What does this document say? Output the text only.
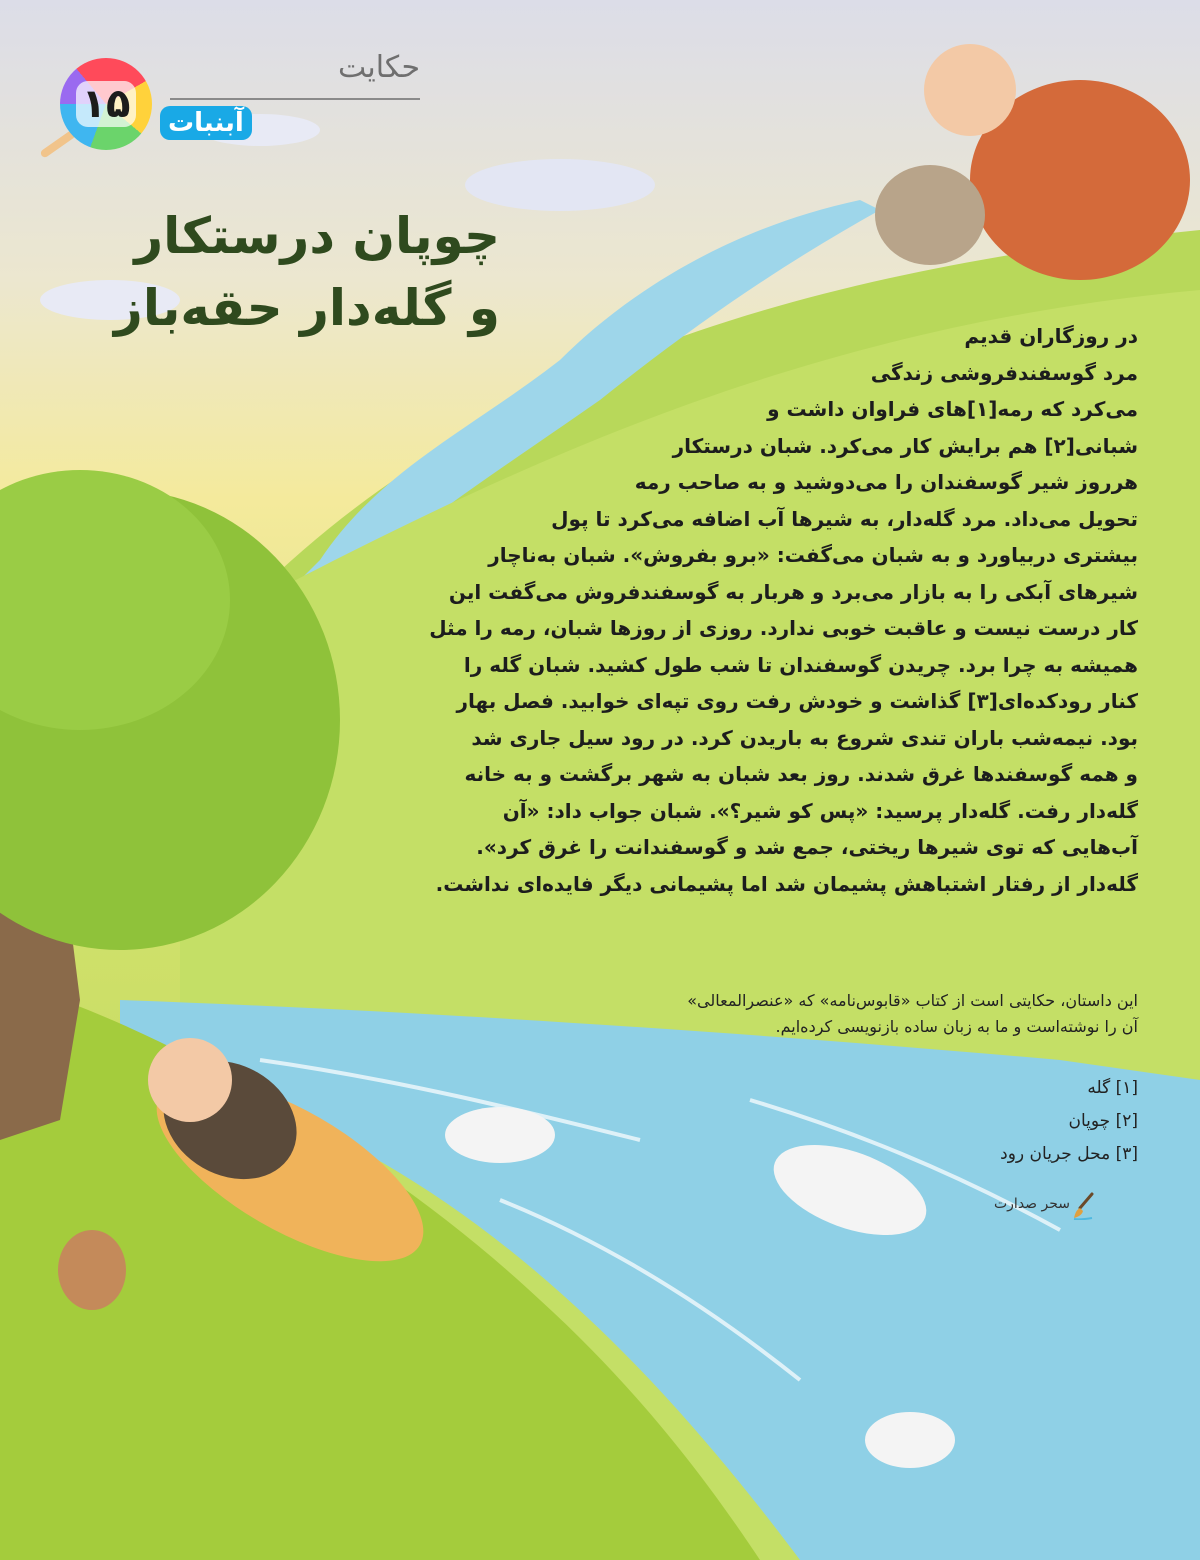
حکایت
۱۵	آبنبات
چوپان درستکار
و گله‌دار حقه‌باز	در روزگاران قدیم

مرد گوسفندفروشی زندگی

می‌کرد که رمه[۱]های فراوان داشت و

شبانی[۲] هم برایش کار می‌کرد. شبان درستکار

هرروز شیر گوسفندان را می‌دوشید و به صاحب رمه

تحویل می‌داد. مرد گله‌دار، به شیرها آب اضافه می‌کرد تا پول

بیشتری دربیاورد و به شبان می‌گفت: «برو بفروش». شبان به‌ناچار

شیرهای آبکی را به بازار می‌برد و هربار به گوسفندفروش می‌گفت این

کار درست نیست و عاقبت خوبی ندارد. روزی از روزها شبان، رمه را مثل

همیشه به چرا برد. چریدن گوسفندان تا شب طول کشید. شبان گله را

کنار رودکده‌ای[۳] گذاشت و خودش رفت روی تپه‌ای خوابید. فصل بهار

بود. نیمه‌شب باران تندی شروع به باریدن کرد. در رود سیل جاری شد

و همه گوسفندها غرق شدند. روز بعد شبان به شهر برگشت و به خانه

گله‌دار رفت. گله‌دار پرسید: «پس کو شیر؟». شبان جواب داد: «آن

آب‌هایی که توی شیرها ریختی، جمع شد و گوسفندانت را غرق کرد».

گله‌دار از رفتار اشتباهش پشیمان شد اما پشیمانی دیگر فایده‌ای نداشت.

این داستان، حکایتی است از کتاب «قابوس‌نامه» که «عنصرالمعالی»

آن را نوشته‌است و ما به زبان ساده بازنویسی کرده‌ایم.

[۱] گله
[۲] چوپان
[۳] محل جریان رود
سحر صدارت
